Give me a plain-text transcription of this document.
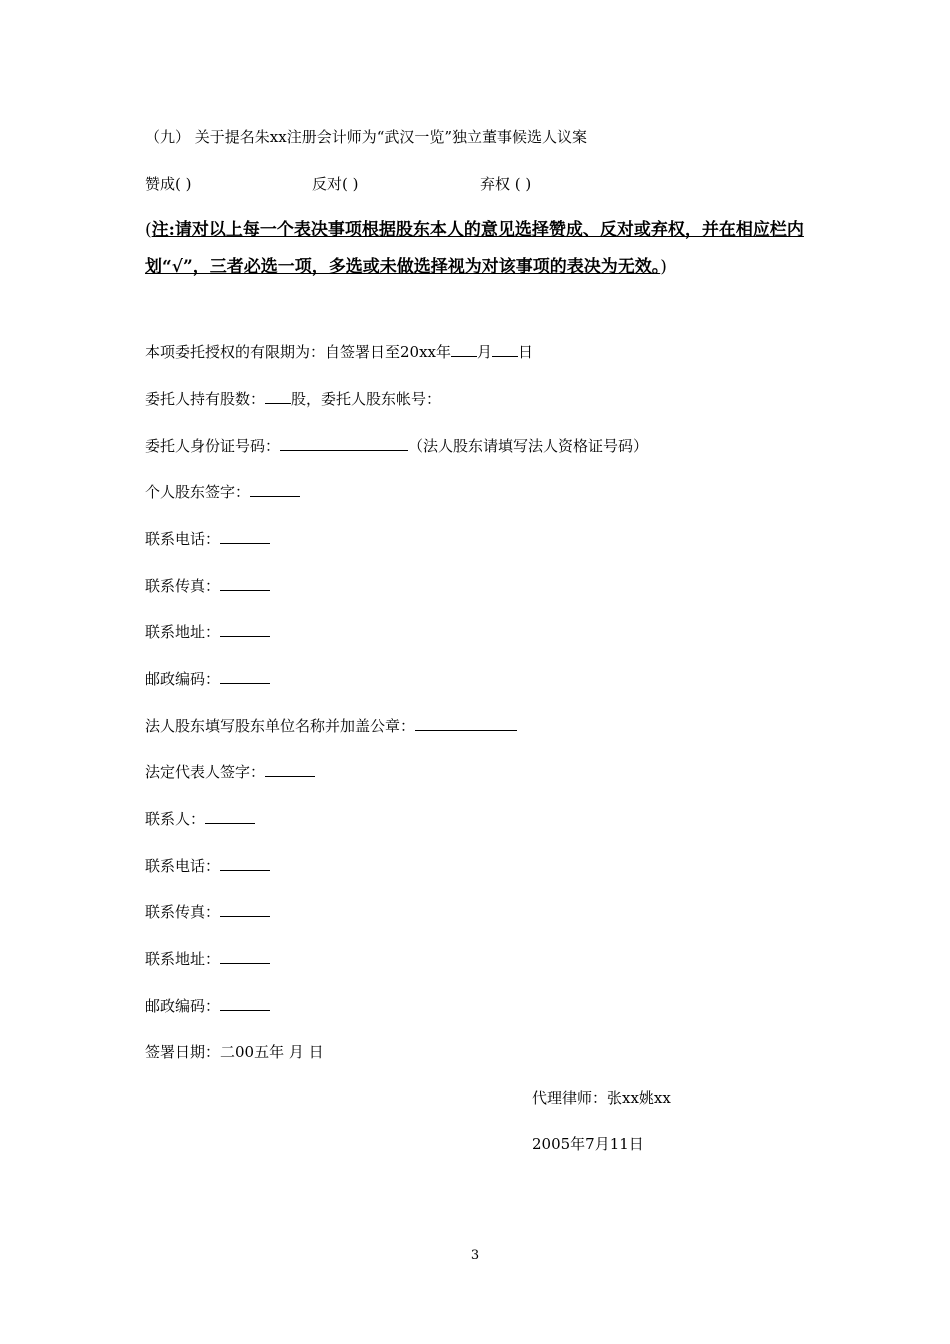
（九） 关于提名朱xx注册会计师为“武汉一览”独立董事候选人议案
赞成( )	反对( )	弃权 ( )
(注:请对以上每一个表决事项根据股东本人的意见选择赞成、反对或弃权，并在相应栏内划“√”，三者必选一项，多选或未做选择视为对该事项的表决为无效。)
本项委托授权的有限期为：自签署日至20xx年 月 日
委托人持有股数： 股，委托人股东帐号：
委托人身份证号码：	（法人股东请填写法人资格证号码）
个人股东签字：
联系电话：
联系传真：
联系地址：
邮政编码：
法人股东填写股东单位名称并加盖公章：
法定代表人签字：
联系人：
联系电话：
联系传真：
联系地址：
邮政编码：
签署日期：二00五年 月 日
代理律师：张xx姚xx
2005年7月11日
3
